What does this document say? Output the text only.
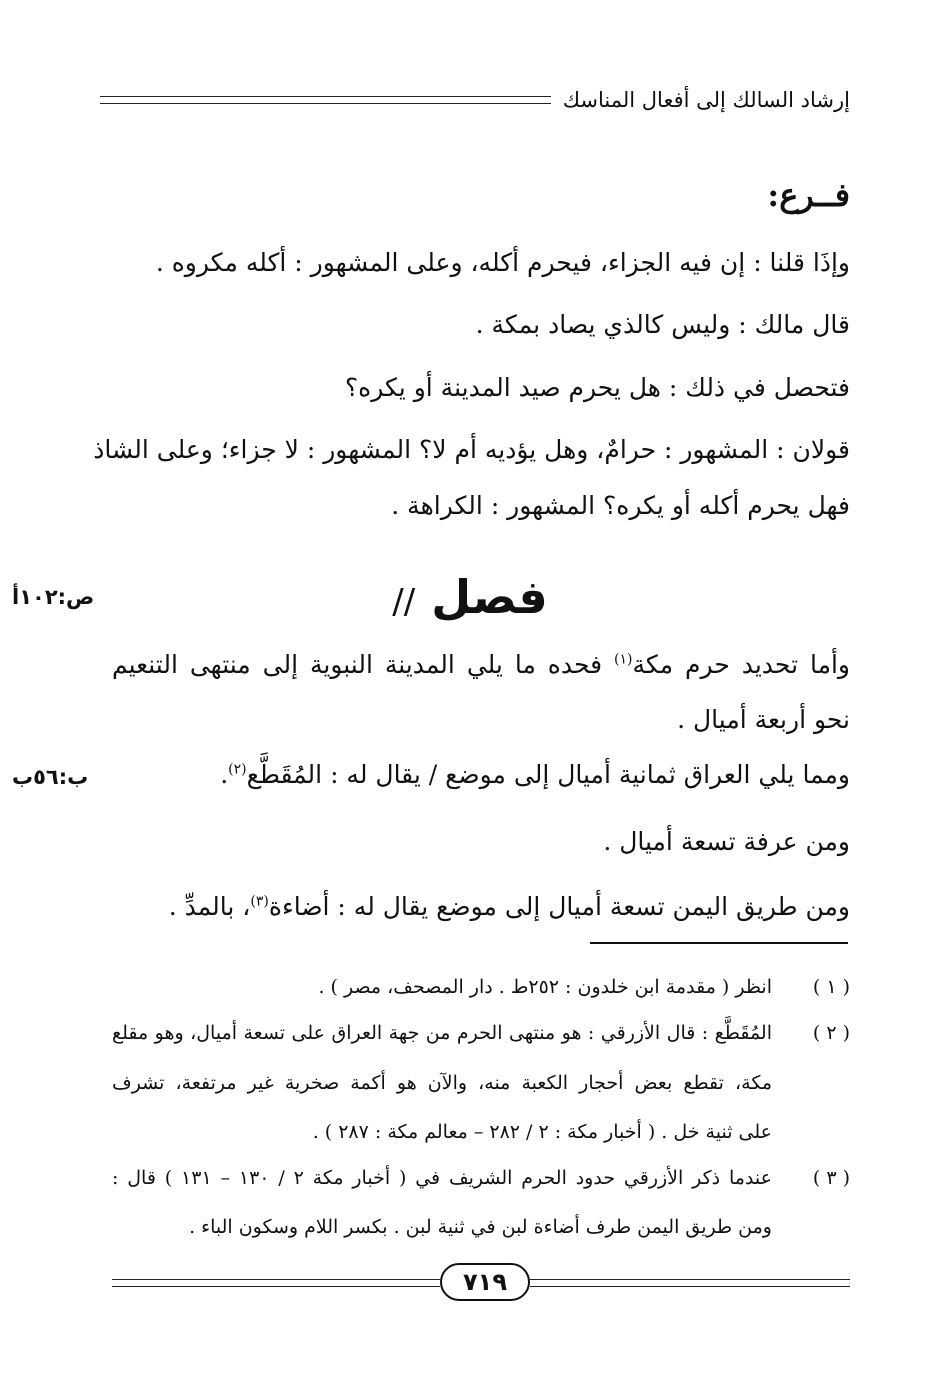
إرشاد السالك إلى أفعال المناسك
فــرع:
وإذَا قلنا : إن فيه الجزاء، فيحرم أكله، وعلى المشهور : أكله مكروه .
قال مالك : وليس كالذي يصاد بمكة .
فتحصل في ذلك : هل يحرم صيد المدينة أو يكره؟
قولان : المشهور : حرامٌ، وهل يؤديه أم لا؟ المشهور : لا جزاء؛ وعلى الشاذ
فهل يحرم أكله أو يكره؟ المشهور : الكراهة .
فصل //
ص:١٠٢أ
وأما تحديد حرم مكة$^{(١)}$ فحده ما يلي المدينة النبوية إلى منتهى التنعيم
نحو أربعة أميال .
ومما يلي العراق ثمانية أميال إلى موضع / يقال له : المُقَطَّع$^{(٢)}$.
ب:٥٦ب
ومن عرفة تسعة أميال .
ومن طريق اليمن تسعة أميال إلى موضع يقال له : أضاءة$^{(٣)}$، بالمدِّ .
( ١ )
انظر ( مقدمة ابن خلدون : ٢٥٢ط . دار المصحف، مصر ) .
( ٢ )
المُقَطَّع : قال الأزرقي : هو منتهى الحرم من جهة العراق على تسعة أميال، وهو مقلع
مكة، تقطع بعض أحجار الكعبة منه، والآن هو أكمة صخرية غير مرتفعة، تشرف
على ثنية خل . ( أخبار مكة : ٢ / ٢٨٢ – معالم مكة : ٢٨٧ ) .
( ٣ )
عندما ذكر الأزرقي حدود الحرم الشريف في ( أخبار مكة ٢ / ١٣٠ – ١٣١ ) قال :
ومن طريق اليمن طرف أضاءة لبن في ثنية لبن . بكسر اللام وسكون الباء .
٧١٩
